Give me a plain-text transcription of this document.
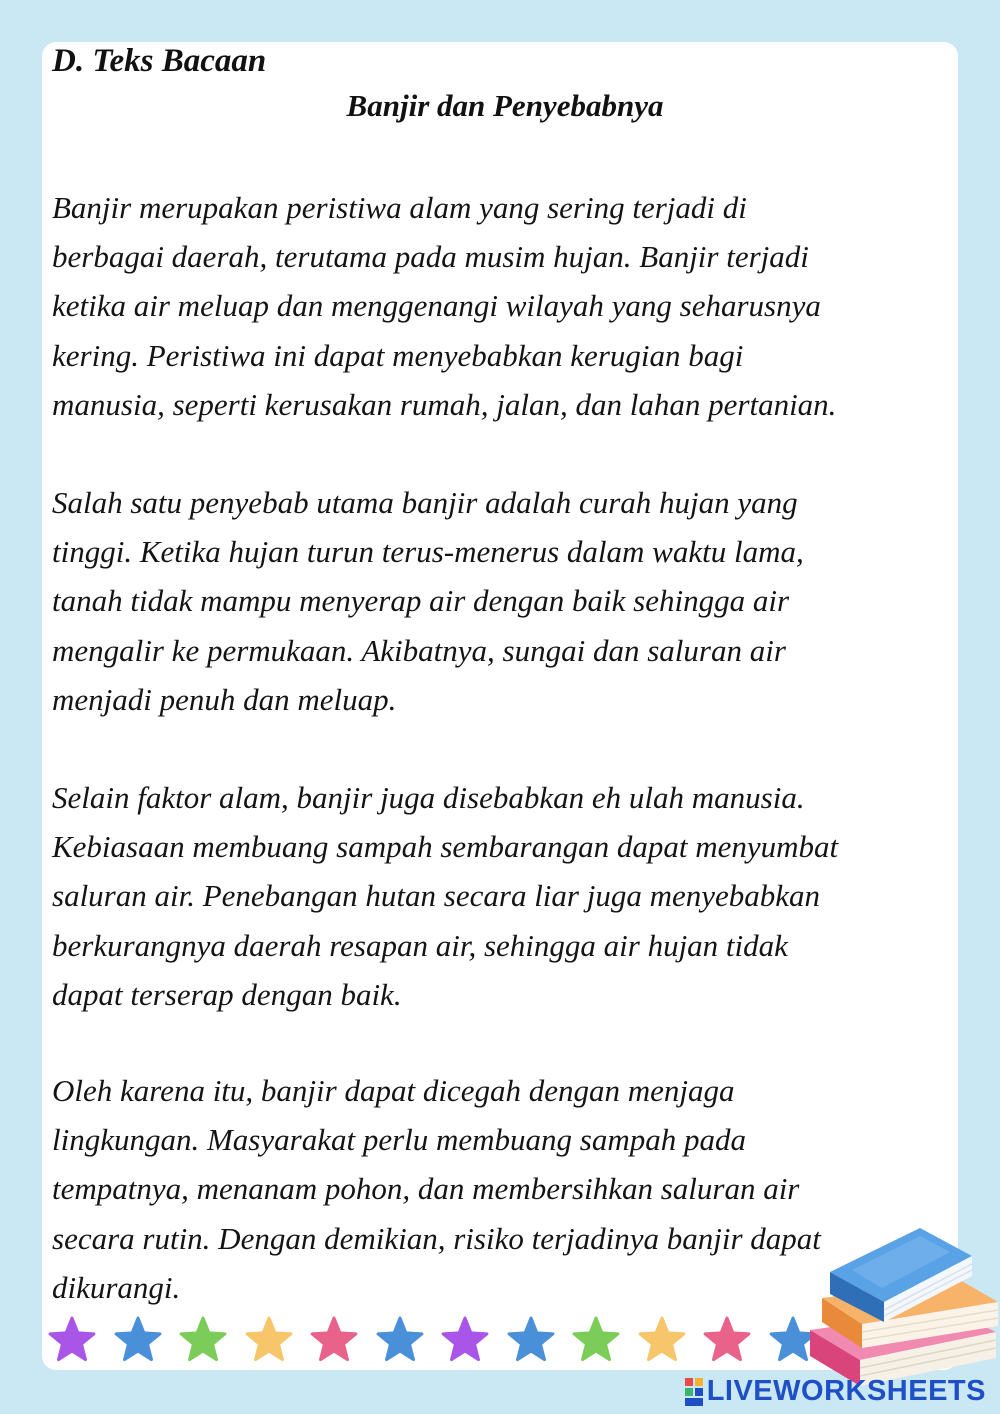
D. Teks Bacaan
Banjir dan Penyebabnya

Banjir merupakan peristiwa alam yang sering terjadi di
berbagai daerah, terutama pada musim hujan. Banjir terjadi
ketika air meluap dan menggenangi wilayah yang seharusnya
kering. Peristiwa ini dapat menyebabkan kerugian bagi
manusia, seperti kerusakan rumah, jalan, dan lahan pertanian.

Salah satu penyebab utama banjir adalah curah hujan yang
tinggi. Ketika hujan turun terus-menerus dalam waktu lama,
tanah tidak mampu menyerap air dengan baik sehingga air
mengalir ke permukaan. Akibatnya, sungai dan saluran air
menjadi penuh dan meluap.

Selain faktor alam, banjir juga disebabkan eh ulah manusia.
Kebiasaan membuang sampah sembarangan dapat menyumbat
saluran air. Penebangan hutan secara liar juga menyebabkan
berkurangnya daerah resapan air, sehingga air hujan tidak
dapat terserap dengan baik.

Oleh karena itu, banjir dapat dicegah dengan menjaga
lingkungan. Masyarakat perlu membuang sampah pada
tempatnya, menanam pohon, dan membersihkan saluran air
secara rutin. Dengan demikian, risiko terjadinya banjir dapat
dikurangi.

LIVEWORKSHEETS
